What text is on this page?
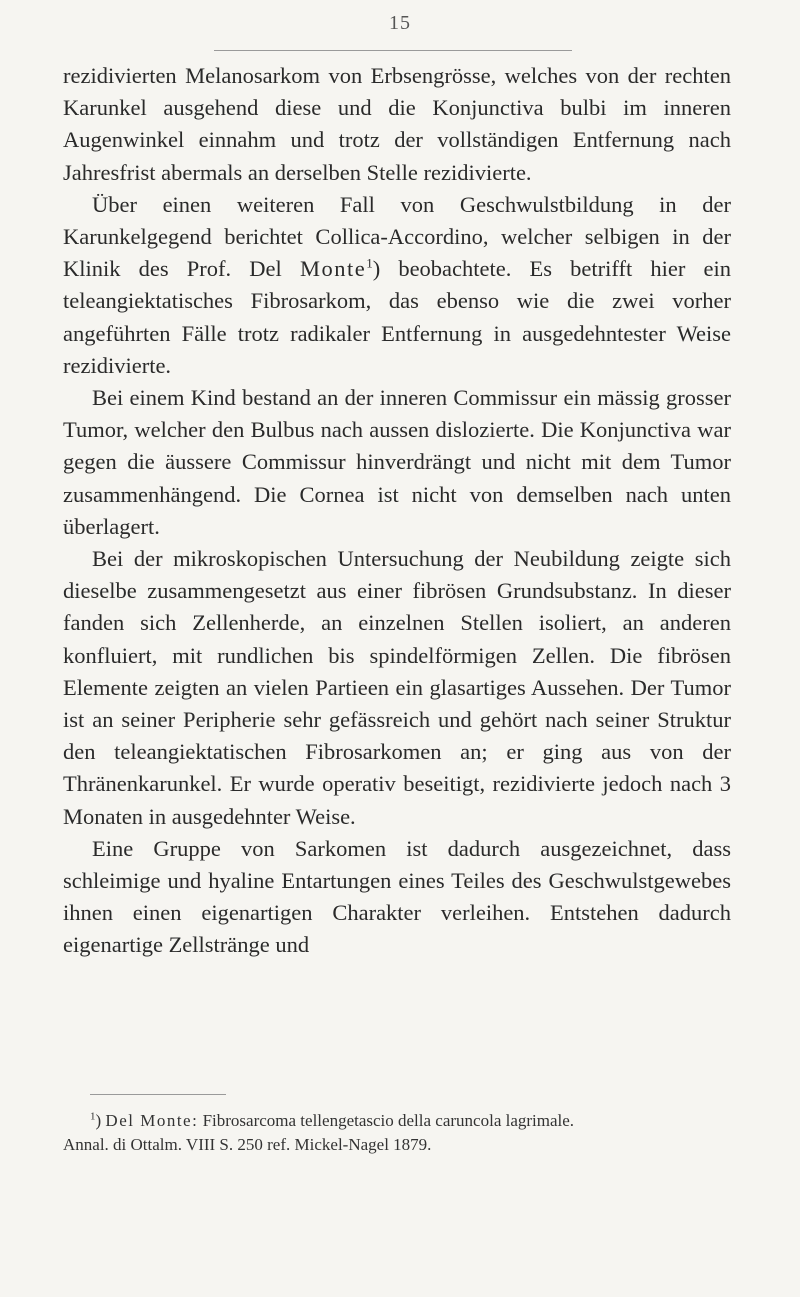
15

rezidivierten Melanosarkom von Erbsengrösse, welches von der rechten Karunkel ausgehend diese und die Konjunctiva bulbi im inneren Augenwinkel einnahm und trotz der vollständigen Entfernung nach Jahresfrist abermals an derselben Stelle rezidivierte.

Über einen weiteren Fall von Geschwulstbildung in der Karunkelgegend berichtet Collica-Accordino, welcher selbigen in der Klinik des Prof. Del Monte$^1$) beobachtete. Es betrifft hier ein teleangiektatisches Fibrosarkom, das ebenso wie die zwei vorher angeführten Fälle trotz radikaler Entfernung in ausgedehntester Weise rezidivierte.

Bei einem Kind bestand an der inneren Commissur ein mässig grosser Tumor, welcher den Bulbus nach aussen dislozierte. Die Konjunctiva war gegen die äussere Commissur hinverdrängt und nicht mit dem Tumor zusammenhängend. Die Cornea ist nicht von demselben nach unten überlagert.

Bei der mikroskopischen Untersuchung der Neubildung zeigte sich dieselbe zusammengesetzt aus einer fibrösen Grundsubstanz. In dieser fanden sich Zellenherde, an einzelnen Stellen isoliert, an anderen konfluiert, mit rundlichen bis spindelförmigen Zellen. Die fibrösen Elemente zeigten an vielen Partieen ein glasartiges Aussehen. Der Tumor ist an seiner Peripherie sehr gefässreich und gehört nach seiner Struktur den teleangiektatischen Fibrosarkomen an; er ging aus von der Thränenkarunkel. Er wurde operativ beseitigt, rezidivierte jedoch nach 3 Monaten in ausgedehnter Weise.

Eine Gruppe von Sarkomen ist dadurch ausgezeichnet, dass schleimige und hyaline Entartungen eines Teiles des Geschwulstgewebes ihnen einen eigenartigen Charakter verleihen. Entstehen dadurch eigenartige Zellstränge und

$^1$) Del Monte: Fibrosarcoma tellengetascio della caruncola lagrimale.

Annal. di Ottalm. VIII S. 250 ref. Mickel-Nagel 1879.
